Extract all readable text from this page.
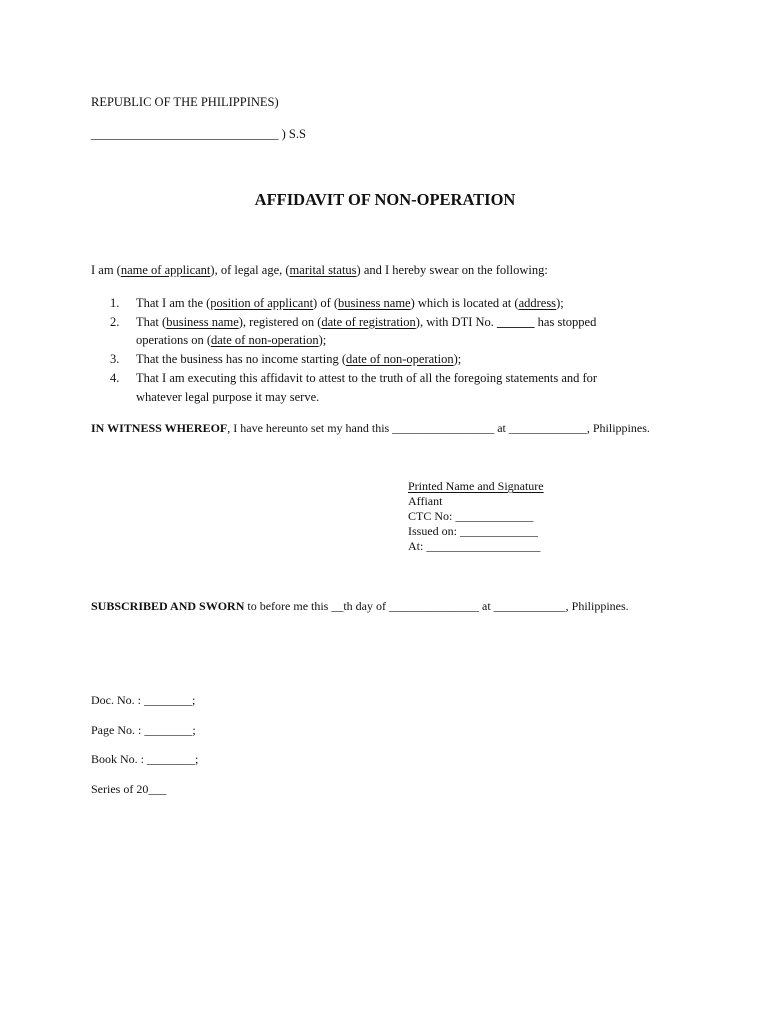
REPUBLIC OF THE PHILIPPINES)
______________________________ ) S.S
AFFIDAVIT OF NON-OPERATION
I am (name of applicant), of legal age, (marital status) and I hereby swear on the following:
1. That I am the (position of applicant) of (business name) which is located at (address);
2. That (business name), registered on (date of registration), with DTI No. ______ has stopped
operations on (date of non-operation);
3. That the business has no income starting (date of non-operation);
4. That I am executing this affidavit to attest to the truth of all the foregoing statements and for
whatever legal purpose it may serve.
IN WITNESS WHEREOF, I have hereunto set my hand this _________________ at _____________, Philippines.
Printed Name and Signature
Affiant
CTC No: _____________
Issued on: _____________
At: ___________________
SUBSCRIBED AND SWORN to before me this __th day of _______________ at ____________, Philippines.
Doc. No. : ________;
Page No. : ________;
Book No. : ________;
Series of 20___
